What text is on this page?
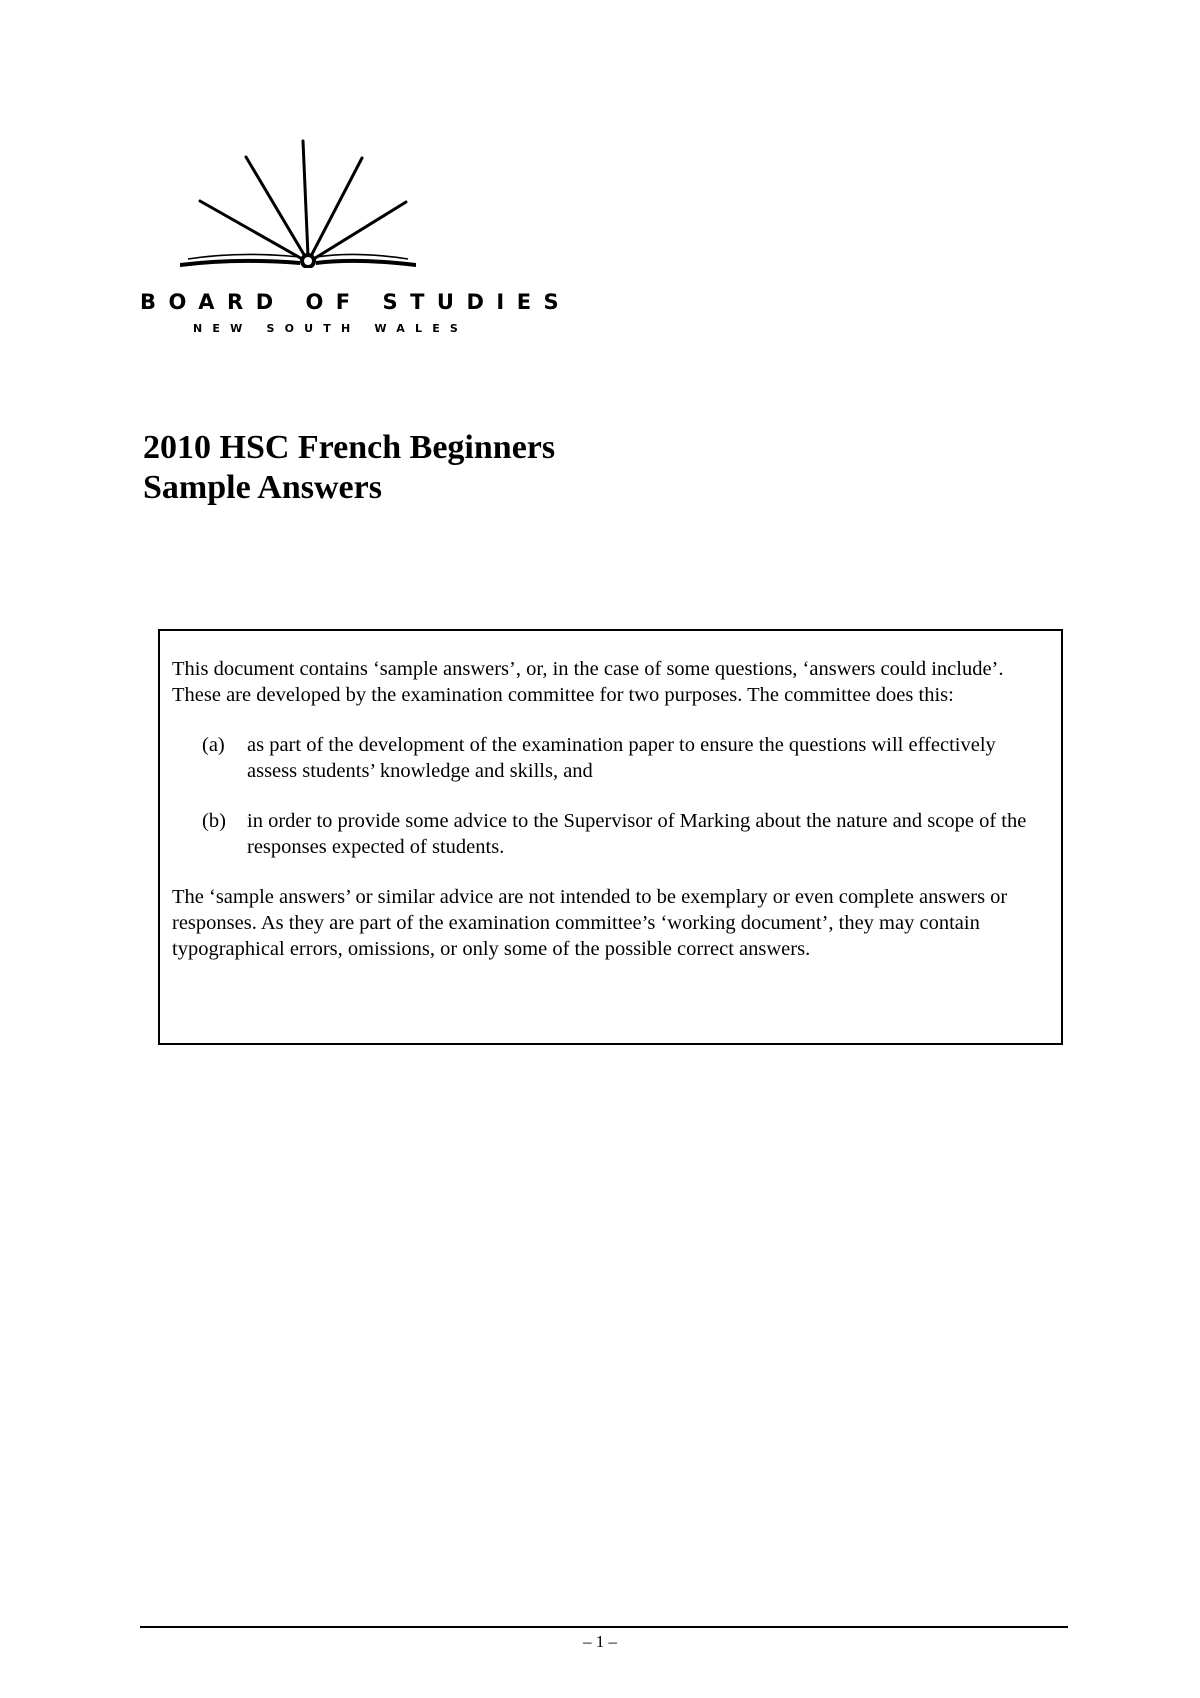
BOARD OF STUDIES
NEW SOUTH WALES
2010 HSC French Beginners
Sample Answers

This document contains ‘sample answers’, or, in the case of some questions, ‘answers could include’. These are developed by the examination committee for two purposes. The committee does this:

(a)	as part of the development of the examination paper to ensure the questions will effectively assess students’ knowledge and skills, and
(b)	in order to provide some advice to the Supervisor of Marking about the nature and scope of the responses expected of students.

The ‘sample answers’ or similar advice are not intended to be exemplary or even complete answers or responses. As they are part of the examination committee’s ‘working document’, they may contain typographical errors, omissions, or only some of the possible correct answers.

– 1 –
